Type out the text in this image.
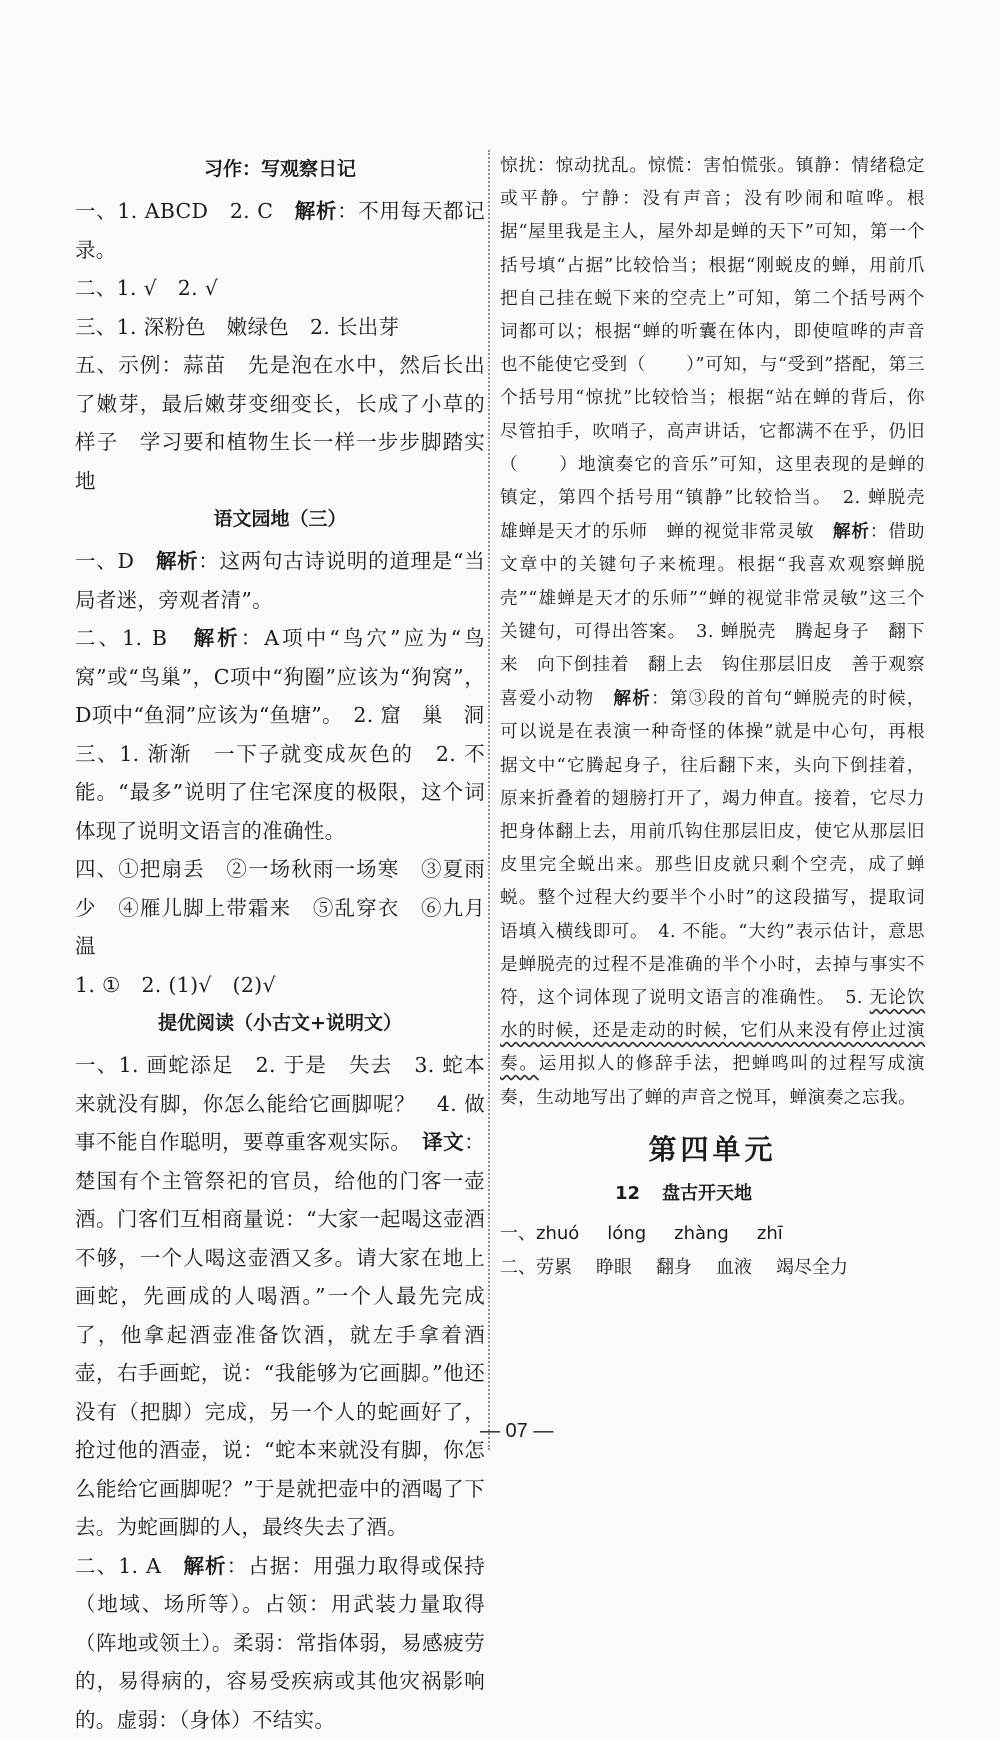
习作：写观察日记

一、1. ABCD　2. C　解析：不用每天都记录。

二、1. √　2. √

三、1. 深粉色　嫩绿色　2. 长出芽

五、示例：蒜苗　先是泡在水中，然后长出了嫩芽，最后嫩芽变细变长，长成了小草的样子　学习要和植物生长一样一步步脚踏实地

语文园地（三）

一、D　解析：这两句古诗说明的道理是“当局者迷，旁观者清”。

二、1. B　解析：A项中“鸟穴”应为“鸟窝”或“鸟巢”，C项中“狗圈”应该为“狗窝”，D项中“鱼洞”应该为“鱼塘”。　2. 窟　巢　洞

三、1. 渐渐　一下子就变成灰色的　2. 不能。“最多”说明了住宅深度的极限，这个词体现了说明文语言的准确性。

四、①把扇丢　②一场秋雨一场寒　③夏雨少　④雁儿脚上带霜来　⑤乱穿衣　⑥九月温

1. ①　2. (1)√　(2)√

提优阅读（小古文+说明文）

一、1. 画蛇添足　2. 于是　失去　3. 蛇本来就没有脚，你怎么能给它画脚呢？　4. 做事不能自作聪明，要尊重客观实际。　译文：楚国有个主管祭祀的官员，给他的门客一壶酒。门客们互相商量说：“大家一起喝这壶酒不够，一个人喝这壶酒又多。请大家在地上画蛇，先画成的人喝酒。”一个人最先完成了，他拿起酒壶准备饮酒，就左手拿着酒壶，右手画蛇，说：“我能够为它画脚。”他还没有（把脚）完成，另一个人的蛇画好了，抢过他的酒壶，说：“蛇本来就没有脚，你怎么能给它画脚呢？”于是就把壶中的酒喝了下去。为蛇画脚的人，最终失去了酒。

二、1. A　解析：占据：用强力取得或保持（地域、场所等）。占领：用武装力量取得（阵地或领土）。柔弱：常指体弱，易感疲劳的，易得病的，容易受疾病或其他灾祸影响的。虚弱：（身体）不结实。

惊扰：惊动扰乱。惊慌：害怕慌张。镇静：情绪稳定或平静。宁静：没有声音；没有吵闹和喧哗。根据“屋里我是主人，屋外却是蝉的天下”可知，第一个括号填“占据”比较恰当；根据“刚蜕皮的蝉，用前爪把自己挂在蜕下来的空壳上”可知，第二个括号两个词都可以；根据“蝉的听囊在体内，即使喧哗的声音也不能使它受到（ ）”可知，与“受到”搭配，第三个括号用“惊扰”比较恰当；根据“站在蝉的背后，你尽管拍手，吹哨子，高声讲话，它都满不在乎，仍旧（ ）地演奏它的音乐”可知，这里表现的是蝉的镇定，第四个括号用“镇静”比较恰当。　2. 蝉脱壳　雄蝉是天才的乐师　蝉的视觉非常灵敏　解析：借助文章中的关键句子来梳理。根据“我喜欢观察蝉脱壳”“雄蝉是天才的乐师”“蝉的视觉非常灵敏”这三个关键句，可得出答案。　3. 蝉脱壳　腾起身子　翻下来　向下倒挂着　翻上去　钩住那层旧皮　善于观察　喜爱小动物　解析：第③段的首句“蝉脱壳的时候，可以说是在表演一种奇怪的体操”就是中心句，再根据文中“它腾起身子，往后翻下来，头向下倒挂着，原来折叠着的翅膀打开了，竭力伸直。接着，它尽力把身体翻上去，用前爪钩住那层旧皮，使它从那层旧皮里完全蜕出来。那些旧皮就只剩个空壳，成了蝉蜕。整个过程大约要半个小时”的这段描写，提取词语填入横线即可。　4. 不能。“大约”表示估计，意思是蝉脱壳的过程不是准确的半个小时，去掉与事实不符，这个词体现了说明文语言的准确性。　5. 无论饮水的时候，还是走动的时候，它们从来没有停止过演奏。运用拟人的修辞手法，把蝉鸣叫的过程写成演奏，生动地写出了蝉的声音之悦耳，蝉演奏之忘我。

第四单元
12 盘古开天地
一、zhuó lóng zhàng zhī
二、劳累 睁眼 翻身 血液 竭尽全力
— 07 —
